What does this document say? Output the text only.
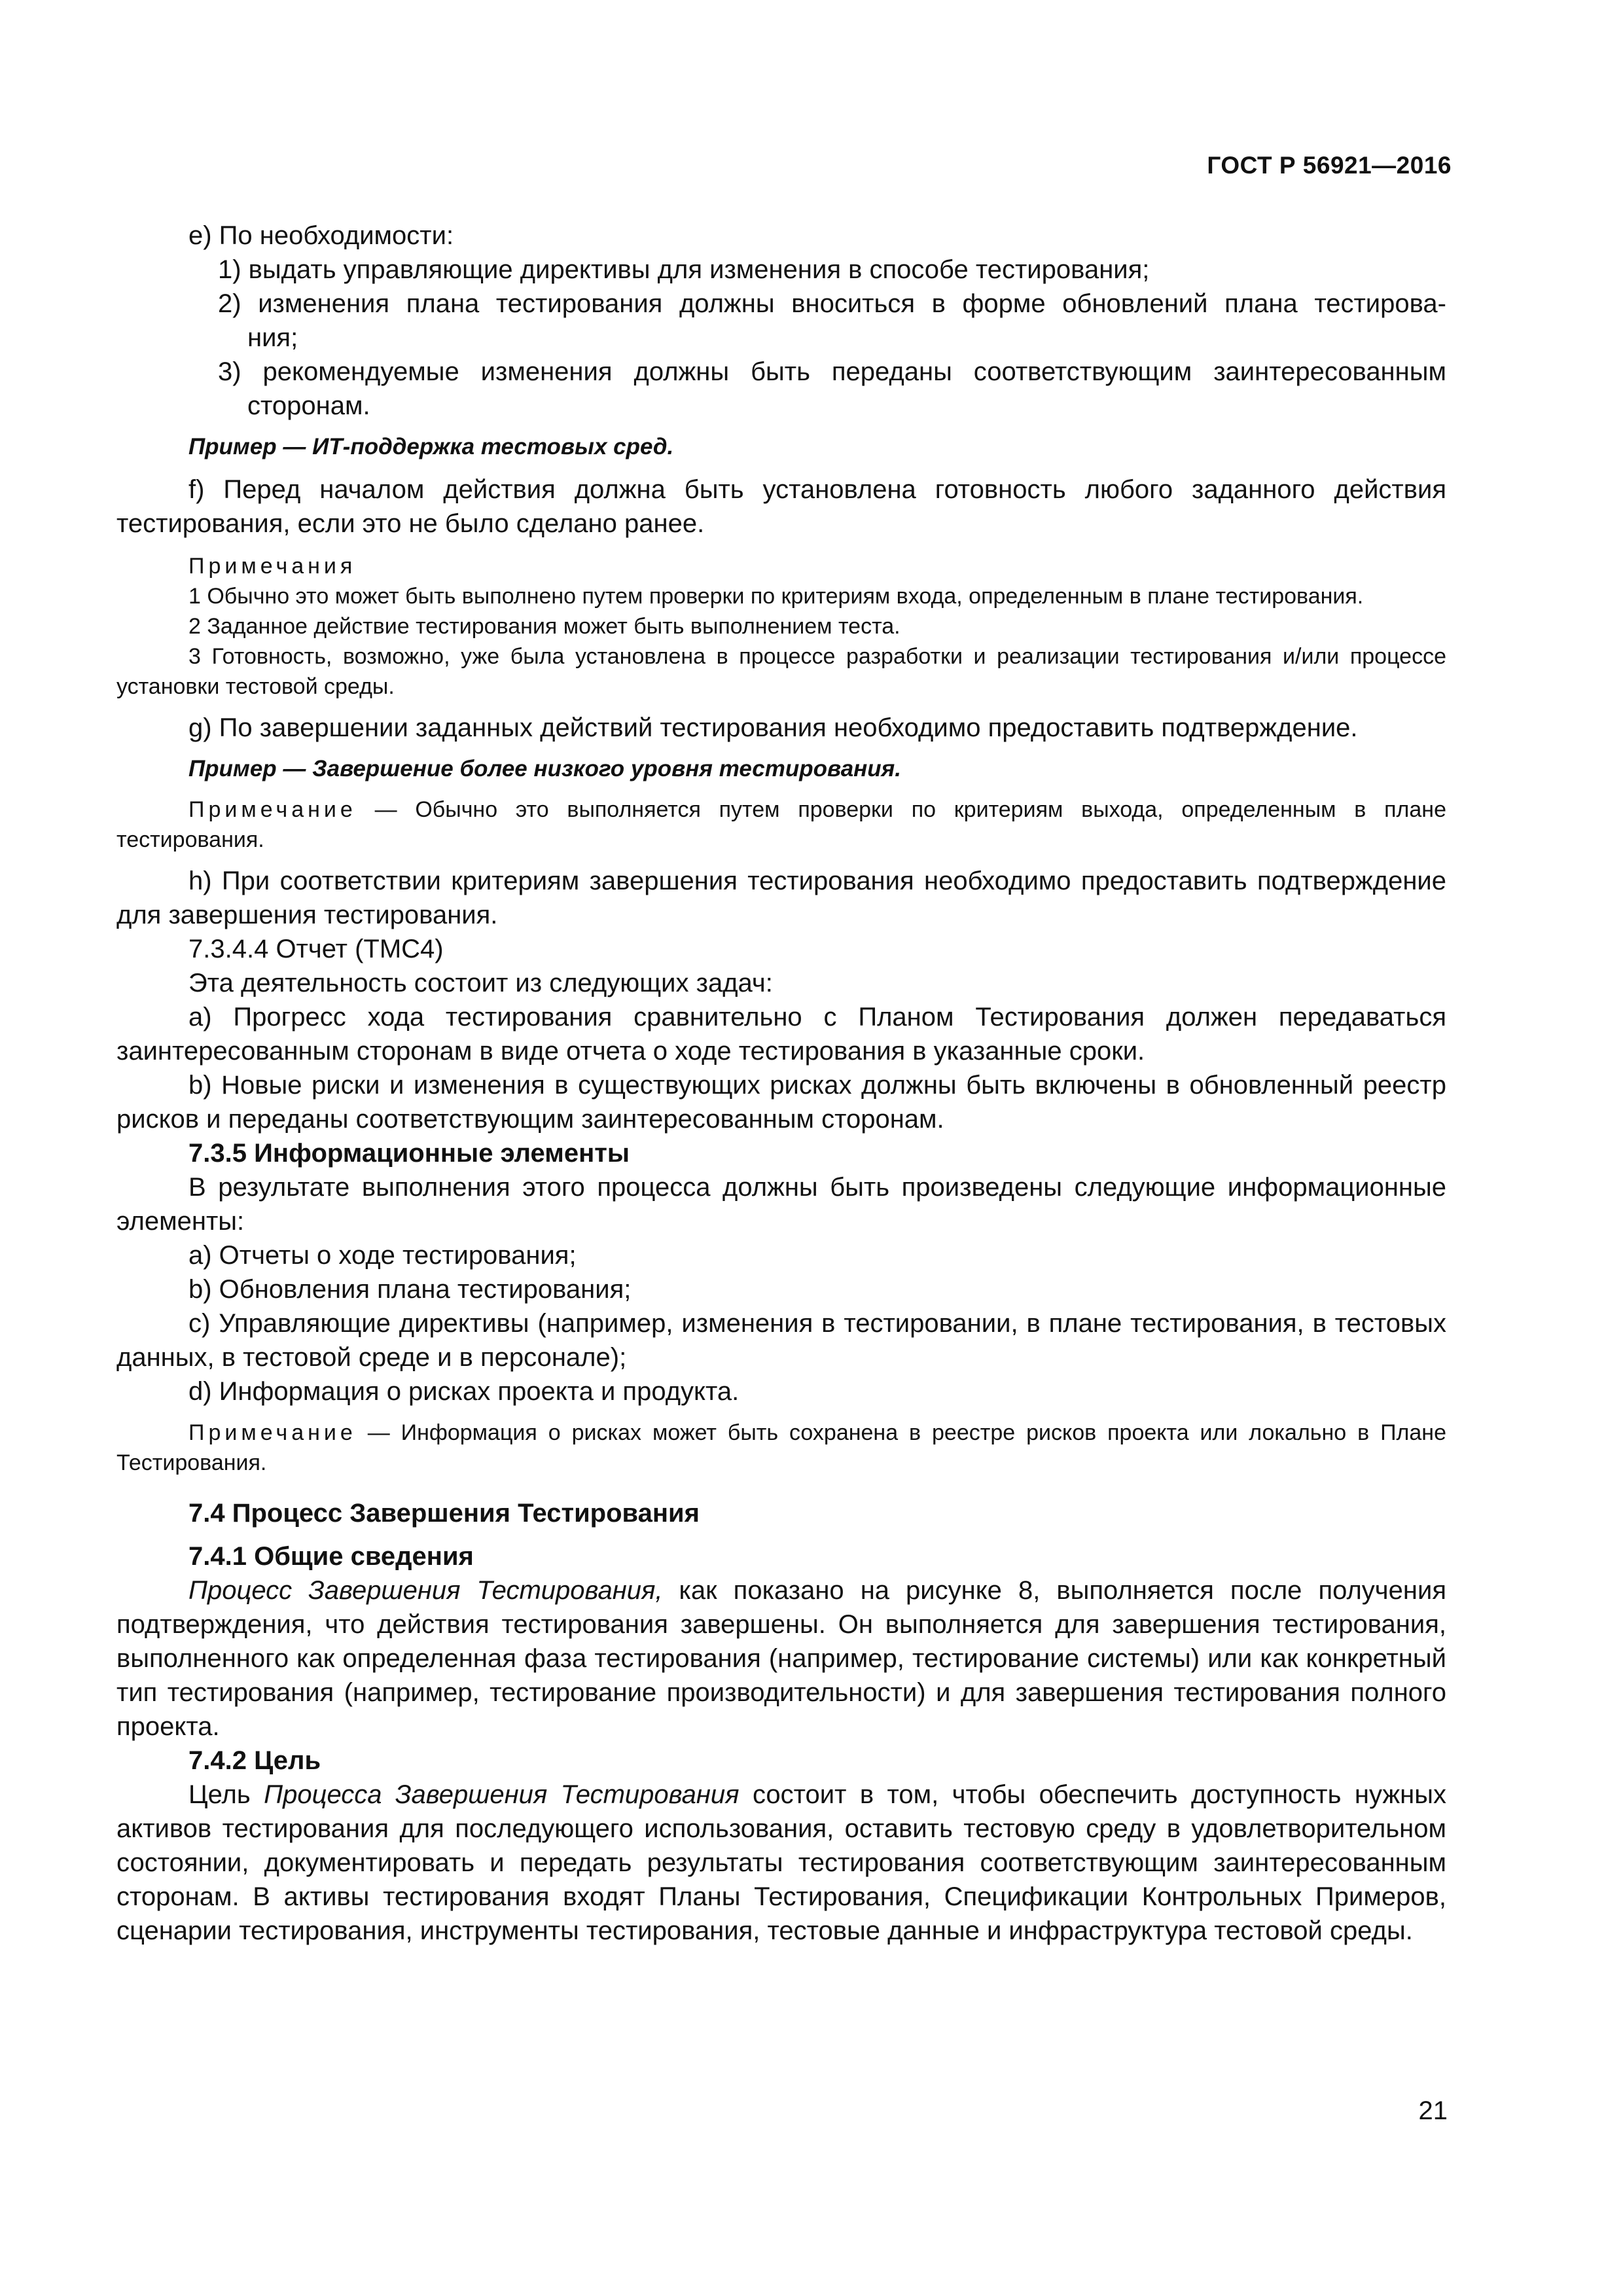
ГОСТ Р 56921—2016

e) По необходимости:

1) выдать управляющие директивы для изменения в способе тестирования;

2) изменения плана тестирования должны вноситься в форме обновлений плана тестирова-
ния;
3) рекомендуемые изменения должны быть переданы соответствующим заинтересованным
сторонам.

Пример — ИТ-поддержка тестовых сред.

f) Перед началом действия должна быть установлена готовность любого заданного действия тестирования, если это не было сделано ранее.

Примечания

1 Обычно это может быть выполнено путем проверки по критериям входа, определенным в плане тестирования.

2 Заданное действие тестирования может быть выполнением теста.

3 Готовность, возможно, уже была установлена в процессе разработки и реализации тестирования и/или процессе установки тестовой среды.

g) По завершении заданных действий тестирования необходимо предоставить подтверждение.

Пример — Завершение более низкого уровня тестирования.

Примечание — Обычно это выполняется путем проверки по критериям выхода, определенным в плане тестирования.

h) При соответствии критериям завершения тестирования необходимо предоставить подтверждение для завершения тестирования.

7.3.4.4 Отчет (ТМС4)

Эта деятельность состоит из следующих задач:

a) Прогресс хода тестирования сравнительно с Планом Тестирования должен передаваться заинтересованным сторонам в виде отчета о ходе тестирования в указанные сроки.

b) Новые риски и изменения в существующих рисках должны быть включены в обновленный реестр рисков и переданы соответствующим заинтересованным сторонам.

7.3.5 Информационные элементы

В результате выполнения этого процесса должны быть произведены следующие информационные элементы:

a) Отчеты о ходе тестирования;

b) Обновления плана тестирования;

c) Управляющие директивы (например, изменения в тестировании, в плане тестирования, в тестовых данных, в тестовой среде и в персонале);

d) Информация о рисках проекта и продукта.

Примечание — Информация о рисках может быть сохранена в реестре рисков проекта или локально в Плане Тестирования.

7.4 Процесс Завершения Тестирования

7.4.1 Общие сведения

Процесс Завершения Тестирования, как показано на рисунке 8, выполняется после получения подтверждения, что действия тестирования завершены. Он выполняется для завершения тестирования, выполненного как определенная фаза тестирования (например, тестирование системы) или как конкретный тип тестирования (например, тестирование производительности) и для завершения тестирования полного проекта.

7.4.2 Цель

Цель Процесса Завершения Тестирования состоит в том, чтобы обеспечить доступность нужных активов тестирования для последующего использования, оставить тестовую среду в удовлетворительном состоянии, документировать и передать результаты тестирования соответствующим заинтересованным сторонам. В активы тестирования входят Планы Тестирования, Спецификации Контрольных Примеров, сценарии тестирования, инструменты тестирования, тестовые данные и инфраструктура тестовой среды.

21
